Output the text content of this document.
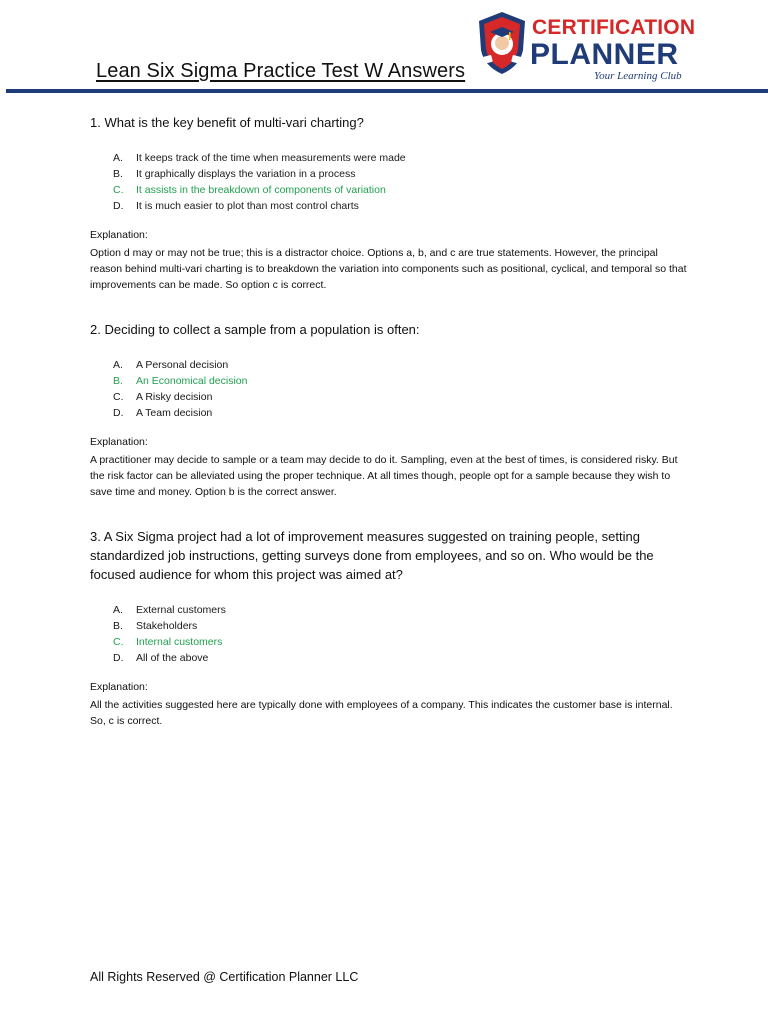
Lean Six Sigma Practice Test W Answers
CERTIFICATION
PLANNER
Your Learning Club
1. What is the key benefit of multi-vari charting?
A.	It keeps track of the time when measurements were made
B.	It graphically displays the variation in a process
C.	It assists in the breakdown of components of variation
D.	It is much easier to plot than most control charts
Explanation:
Option d may or may not be true; this is a distractor choice. Options a, b, and c are true statements. However, the principal reason behind multi-vari charting is to breakdown the variation into components such as positional, cyclical, and temporal so that improvements can be made. So option c is correct.
2. Deciding to collect a sample from a population is often:
A.	A Personal decision
B.	An Economical decision
C.	A Risky decision
D.	A Team decision
Explanation:
A practitioner may decide to sample or a team may decide to do it. Sampling, even at the best of times, is considered risky. But the risk factor can be alleviated using the proper technique. At all times though, people opt for a sample because they wish to save time and money. Option b is the correct answer.
3. A Six Sigma project had a lot of improvement measures suggested on training people, setting standardized job instructions, getting surveys done from employees, and so on. Who would be the focused audience for whom this project was aimed at?
A.	External customers
B.	Stakeholders
C.	Internal customers
D.	All of the above
Explanation:
All the activities suggested here are typically done with employees of a company. This indicates the customer base is internal. So, c is correct.
All Rights Reserved @ Certification Planner LLC
